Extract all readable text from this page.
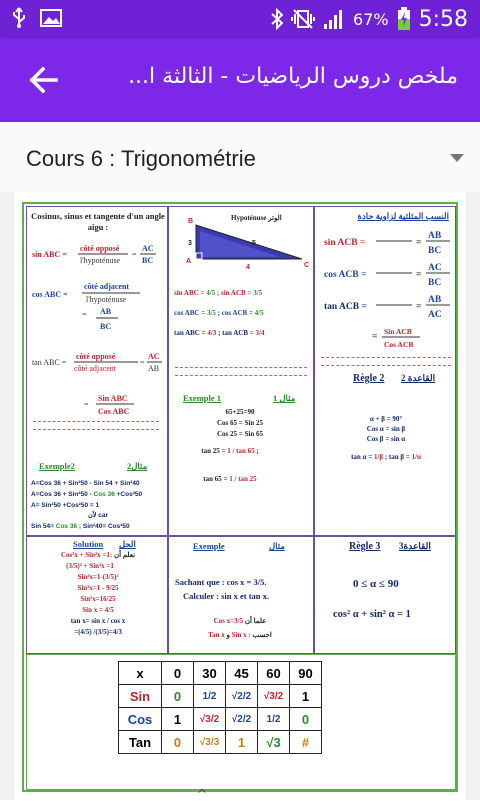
67% 5:58
ملخص دروس الرياضيات - الثالثة ا...
Cours 6 : Trigonométrie
Cosinus, sinus et tangente d'un angle aigu :
sin ABC =
côté opposé
l'hypoténuse
=
AC
BC
cos ABC =
côté adjacent
l'hypoténuse
= AB
BC
tan ABC =
côté opposé
côté adjacent
=
AC
AB
=
Sin ABC
Cos ABC
Exemple2	مثال2
A=Cos 36 + Sin²50 - Sin 54 + Sin²40
A=Cos 36 + Sin²50 - Cos 36 +Cos²50
A= Sin²50 +Cos²50 = 1
لأن car
Sin 54= Cos 36 ; Sin²40= Cos²50
B
A
C
3	5
4
Hypoténuse الوتر
sin ABC = 4/5 ; sin ACB = 3/5
cos ABC = 3/5 ; cos ACB = 4/5
tan ABC = 4/3 ; tan ACB = 3/4
Exemple 1	مثال 1
65+25=90
Cos 65 = Sin 25
Cos 25 = Sin 65
tan 25 = 1 / tan 65 ;
tan 65 = 1 / tan 25
النسب المثلثية لزاوية حادة
sin ACB =	=
AB
BC
cos ACB =	=
AC
BC
tan ACB =	=
AB
AC
=
Sin ACB
Cos ACB
Règle 2 القاعدة 2
α + β = 90°
Cos α = sin β
Cos β = sin α
tan α = 1/β ; tan β = 1/α
Solution الحل
Cos²x + Sin²x =1: نعلم أن
(3/5)² + Sin²x =1
Sin²x=1-(3/5)²
Sin²x=1 - 9/25
Sin²x=16/25
Sin x = 4/5
tan x= sin x / cos x
=(4/5) /(3/5)=4/3
Exemple	مثال
Sachant que : cos x = 3/5.
Calculer : sin x et tan x.
Cos x=3/5 علما أن
Tan x و Sin x : احسب
Règle 3 القاعدة3
0 ≤ α ≤ 90
cos² α + sin² α = 1
x	0	30	45	60	90
Sin	0	1/2	√2/2	√3/2	1
Cos	1	√3/2	√2/2	1/2	0
Tan	0	√3/3	1	√3	#
^
